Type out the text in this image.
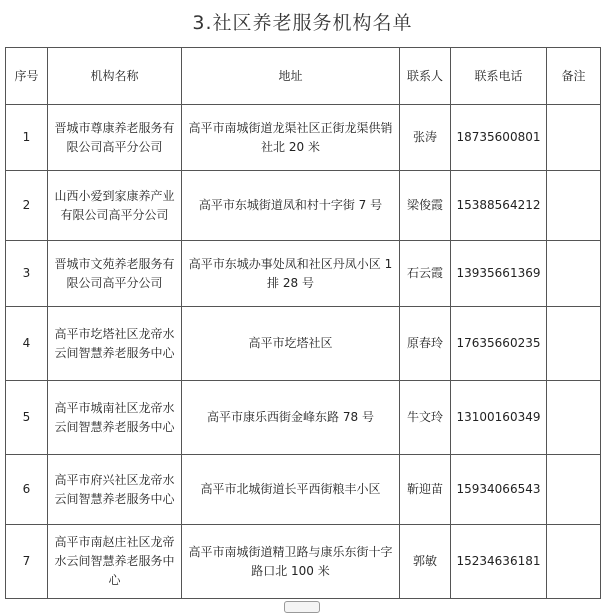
3.社区养老服务机构名单
序号	机构名称	地址	联系人	联系电话	备注
1	晋城市尊康养老服务有限公司高平分公司	高平市南城街道龙渠社区正街龙渠供销社北 20 米	张涛	18735600801	
2	山西小爱到家康养产业有限公司高平分公司	高平市东城街道凤和村十字街 7 号	梁俊霞	15388564212	
3	晋城市文苑养老服务有限公司高平分公司	高平市东城办事处凤和社区丹凤小区 1 排 28 号	石云霞	13935661369	
4	高平市圪塔社区龙帝水云间智慧养老服务中心	高平市圪塔社区	原春玲	17635660235	
5	高平市城南社区龙帝水云间智慧养老服务中心	高平市康乐西街金峰东路 78 号	牛文玲	13100160349	
6	高平市府兴社区龙帝水云间智慧养老服务中心	高平市北城街道长平西街粮丰小区	靳迎苗	15934066543	
7	高平市南赵庄社区龙帝水云间智慧养老服务中心	高平市南城街道精卫路与康乐东街十字路口北 100 米	郭敏	15234636181	
